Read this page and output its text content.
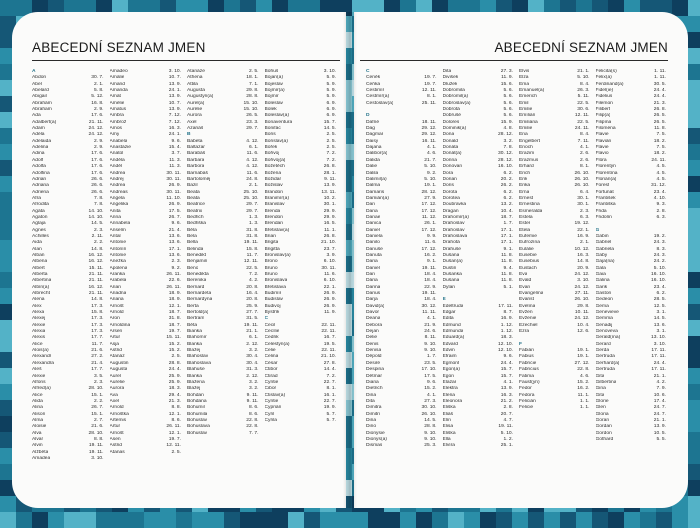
ABECEDNÍ SEZNAM JMEN
A
Abdon	30. 7.
Abel	2. 1.
Abelard	5. 8.
Abigail	5. 12.
Abrahám	16. 8.
Abraham	2. 9.
Ada	17. 6.
Adalbert(a)	21. 11.
Adam	24. 12.
Adéla	24. 12.
Adelaida	2. 9.
Adelina	2. 9.
Adina	17. 6.
Adolf	17. 6.
Adolfa	17. 6.
Adolfina	17. 6.
Adrian	26. 6.
Adriana	26. 6.
Adriena	26. 6.
Afra	7. 8.
Afrodita	7. 8.
Agáta	14. 10.
Agaton	14. 10.
Aglaja	14. 5.
Agnes	2. 3.
Achilles	2. 11.
Aida	2. 2.
Alan	14. 8.
Alban	16. 12.
Albena	16. 12.
Albert	15. 11.
Alberta	21. 11.
Albertina	21. 11.
Albín(a)	16. 12.
Albrecht	21. 11.
Alena	14. 8.
Alex	17. 3.
Alexa	15. 8.
Alexej	17. 3.
Alexie	17. 3.
Alexia	17. 3.
Alexis	17. 7.
Alice	11. 7.
Alois(a)	21. 6.
Alexandr	27. 2.
Alexandra	21. 4.
Aleš	17. 7.
Alexie	3. 5.
Alfons	2. 3.
Alfred(a)	28. 10.
Alice	15. 1.
Alida	2. 2.
Alina	26. 7.
Alison	15. 1.
Alma	2. 7.
Aloisie	21. 6.
Alva	28. 10.
Alvar	8. 8.
Alvin	19. 11.
Alžběta	19. 11.
Amadea	3. 10.
Amadeo	3. 10.
Amálie	10. 7.
Amand	13. 9.
Amanda	24. 1.
Amát	13. 9.
Amélie	10. 7.
Amatus	13. 9.
Ambra	7. 12.
Ambrož	7. 12.
Amos	16. 3.
Amy	24. 1.
Anabela	9. 6.
Anastázie	15. 4.
Anatol	3. 7.
Anděla	11. 3.
Anděl	11. 3.
Andrea	30. 11.
Andrej	30. 11.
Andrea	26. 9.
Andreas	30. 11.
Angela	11. 10.
Angelika	26. 9.
Anita	17. 5.
Anna	26. 7.
Annabela	9. 6.
Anselm	21. 4.
Antal	13. 6.
Antonie	13. 6.
Antonín	17. 1.
Antonie	13. 6.
Anežka	2. 3.
Apolena	9. 2.
Aranka	26. 11.
Arabela	22. 6.
Arian	26. 11.
Ariadna	18. 9.
Ariana	18. 9.
Arnošt	12. 1.
Arnold	18. 7.
Aron	31. 8.
Arnoldina	18. 7.
Arsen	19. 7.
Artur	15. 11.
Asja	15. 2.
Astrid	15. 2.
Atanáz	2. 5.
Augustin	28. 8.
Augusta	24. 4.
Aurel	25. 9.
Aurelie	25. 9.
Aurora	18. 3.
Ava	29. 4.
Axel	21. 3.
Arnold	8. 8.
Arnoštka	12. 1.
Artemis	8. 6.
Artur	26. 11.
Arnošt	12. 1.
Asen	19. 7.
Astrid	12. 11.
Atanas	2. 5.
Atanáze	2. 5.
Athena	18. 1.
Attila	7. 1.
Augusta	29. 8.
Augustýn(a)	28. 8.
Aurel(a)	15. 10.
Aurélie	15. 10.
Aurora	26. 5.
Axel	23. 3.
Azariáš	29. 7.
B
Babeta	4. 12.
Baltazar	6. 1.
Barabáš	11. 6.
Barbara	4. 12.
Barbora	4. 12.
Barnabáš	11. 6.
Bartoloměj	24. 8.
Bazil	2. 1.
Beata	25. 10.
Beáta	25. 10.
Beatrice	29. 7.
Beatrix	29. 7.
Bedřich	1. 3.
Bedřiška	1. 3.
Běla	31. 8.
Bela	31. 8.
Bella	19. 11.
Belinda	15. 8.
Benedikt	11. 7.
Benjamin	12. 11.
Beno	22. 5.
Benedikta	7. 2.
Berenika	4. 2.
Bernard	20. 8.
Bernardeta	16. 4.
Bernardýna	20. 8.
Berta	25. 9.
Bertold(a)	27. 7.
Bertram	31. 5.
Běta	19. 11.
Bianka	21. 1.
Blahomír	6. 1.
Blanka	2. 12.
Blažej	3. 2.
Blahoslav	30. 4.
Blahoslava	30. 4.
Blahuše	31. 3.
Blanka	2. 12.
Blažena	3. 2.
Blažej	3. 2.
Bohdan	9. 11.
Bohdana	9. 11.
Bohumil	8. 6.
Bohumila	8. 6.
Bohuslav	22. 8.
Bohuslava	22. 8.
Bohuslav	7. 7.
Bohuš	3. 10.
Bojan(a)	5. 9.
Bojeslav	5. 9.
Bojmír(a)	5. 9.
Bojmír	5. 9.
Boleslav	6. 9.
Bolek	6. 9.
Boleslav(a)	6. 9.
Bonaventura	15. 7.
Bonifác	14. 5.
Boris	2. 5.
Borislav(a)	2. 5.
Bořek	2. 5.
Bořivoj	7. 2.
Bořivoj(a)	7. 2.
Božetěch	26. 8.
Božena	28. 1.
Božidar	9. 11.
Božislav	13. 9.
Brandon	13. 11.
Branimír(a)	10. 2.
Branislav	30. 1.
Brenda	29. 9.
Brendon	29. 9.
Brendan	16. 5.
Břetislav(a)	11. 1.
Brian	26. 8.
Brigita	21. 10.
Brigitta	23. 7.
Bronislav(a)	3. 9.
Brono	6. 10.
Bruno	30. 11.
Bruno	11. 6.
Bronislava	6. 10.
Břetislava	22. 1.
Budimír	26. 9.
Budislav	26. 9.
Budivoj	26. 9.
Bystřík	11. 9.
C
Cecil	22. 11.
Cecílie	22. 11.
Cedrik	16. 7.
Celestýn(a)	19. 5.
Celie	22. 11.
Celina	21. 10.
César	27. 8.
Ctibor	14. 4.
Ctirad	7. 2.
Cyntie	22. 7.
Cibor	8. 1.
Ctislav(a)	16. 1.
Cyntie	22. 7.
Cyprián	19. 9.
Cyril	5. 7.
Cyrila	5. 7.
ABECEDNÍ SEZNAM JMEN
Č
Čeněk	19. 7.
Čeňka	19. 7.
Čestimír	12. 11.
Čestmír(a)	8. 1.
Čestoslav(a)	25. 11.
D
Dafné	18. 11.
Dag	29. 12.
Dagmar	29. 12.
Daisy	16. 11.
Dajana	4. 1.
Dalibor(a)	4. 6.
Dalida	21. 7.
Dalie	5. 10.
Dalila	9. 2.
Dalimil(a)	5. 10.
Dalma	19. 1.
Damaris	28. 12.
Damián(a)	27. 9.
Dan	17. 12.
Dana	17. 12.
Danae	11. 12.
Danica	26. 1.
Daniel	17. 12.
Daniela	9. 9.
Danilo	11. 6.
Danuše	17. 12.
Danuta	16. 2.
Daria	9. 1.
Daniel	19. 11.
Dan	18. 4.
Dária	18. 4.
Darina	22. 9.
Darius	19. 11.
Darja	18. 4.
David(a)	30. 12.
Davor	11. 11.
Deana	4. 1.
Debora	21. 9.
Dejan	24. 6.
Delie	8. 11.
Denis	9. 10.
Denisa	9. 10.
Děpold	1. 7.
Desiré	23. 5.
Despina	17. 10.
Dětmar	17. 5.
Diana	9. 6.
Dietrich	15. 2.
Dina	4. 1.
Dita	27. 3.
Dimitra	30. 10.
Dimitri	26. 10.
Dina	14. 5.
Dino	28. 8.
Dionýsie	9. 10.
Dionýs(a)	9. 10.
Dismas	25. 3.
Dita	27. 3.
Divišek	11. 9.
Dlužek	15. 6.
Dobromila	5. 6.
Dobromil(a)	5. 6.
Dobroslav(a)	5. 6.
Dobrotá	5. 6.
Dobrušé	5. 6.
Dolores	15. 9.
Dominik(a)	4. 8.
Dona	28. 12.
Donald	3. 2.
Donáta	7. 8.
Donát(a)	30. 12.
Donna	28. 12.
Donovan	16. 10.
Dora	6. 2.
Dorian	20. 2.
Doris	26. 2.
Dorota	6. 2.
Dorotea	6. 2.
Doubravka	13. 2.
Dragan	10. 4.
Drahomír(a)	18. 7.
Drahoslav	1. 7.
Drahoslav	17. 1.
Drahoslava	17. 1.
Drahotá	17. 1.
Drahuše	9. 1.
Dušana	11. 8.
Dušan(a)	11. 8.
Dustin	9. 4.
Dušanka	11. 8.
Dušana	11. 8.
Dylan	5. 1.
E
Edeltruda	17. 11.
Edgar	8. 7.
Edita	16. 9.
Edmund	1. 12.
Edmunda	1. 12.
Eduard(a)	18. 3.
Edvard	12. 10.
Edvin	12. 10.
Efraim	9. 6.
Egmont	24. 4.
Egon(a)	15. 7.
Egon	15. 7.
Elazar	4. 1.
Elektra	13. 9.
Elena	16. 3.
Eleonora	21. 2.
Eliška	2. 8.
Eliáš	20. 7.
Elín	4. 7.
Elisa	19. 11.
Eliška	5. 10.
Ella	1. 2.
Elvíra	25. 1.
Elvis	21. 1.
Elza	5. 10.
Ema	8. 4.
Emanuel(a)	26. 3.
Emerich	5. 11.
Emil	22. 5.
Emilie	30. 6.
Emílián	12. 11.
Emiliána	22. 5.
Emilie	24. 11.
Ena	8. 4.
Engelbert	7. 11.
Enoch	4. 1.
Erazim	2. 6.
Erazmus	2. 6.
Erhard	8. 1.
Erich	26. 10.
Erik	26. 10.
Erika	26. 10.
Erna	6. 4.
Ernest	30. 1.
Ernestina	30. 1.
Esmeralda	2. 3.
Estela	6. 3.
Ester	19. 12.
Etela	22. 1.
Eufemie	16. 9.
Eufrozína	2. 1.
Eulálie	10. 12.
Eusebie	16. 3.
Eusebius	14. 8.
Eustach	20. 9.
Eva	24. 12.
Evald	3. 10.
Evan	24. 12.
Evangelína	27. 11.
Evarist	26. 10.
Evelína	29. 8.
Evžen	10. 11.
Evženie	24. 12.
Ezechiel	10. 4.
Ezra	12. 6.
F
Fabián	19. 1.
Fabius	19. 1.
Fabricie	27. 12.
Fabricius	22. 8.
Fatima	4. 6.
Faust(yn)	15. 2.
Fedor	16. 2.
Fedora	11. 1.
Felicián	1. 1.
Felicie	1. 1.
Felicita(s)	1. 11.
Felix(a)	1. 11.
Ferdinand(a)	30. 5.
Fidel(ie)	24. 4.
Fidelius	24. 4.
Filemon	21. 3.
Filibert	26. 8.
Filip(a)	26. 5.
Filipína	26. 5.
Filoména	11. 8.
Flavie	7. 5.
Flavián	18. 2.
Flávie	7. 5.
Flavio	18. 2.
Flóra	24. 11.
Florentýn	4. 5.
Florentína	4. 5.
Florián(a)	4. 5.
Forest	31. 12.
Fortunát	23. 4.
František	4. 10.
Františka	9. 3.
Frida	2. 8.
Fridolín	6. 3.
G
Gabin	19. 2.
Gabriel	24. 3.
Gabriela	8. 3.
Gaby	24. 3.
Gaja(na)	24. 2.
Gala	5. 10.
Gaia	16. 10.
Galina	16. 10.
Garik	23. 4.
Gaston	6. 2.
Gedeon	28. 5.
Gema	12. 5.
Genevieve	3. 1.
Gemma	14. 5.
Genadij	13. 6.
Genoveva	3. 1.
Gerald(ína)	13. 10.
Gerard	3. 10.
Gerda	17. 11.
Gertruda	17. 11.
Gerhard(a)	24. 4.
Gertruda	17. 11.
Gita	21. 1.
Gilbertina	4. 2.
Gina	7. 9.
Gita	10. 6.
Glorie	17. 4.
Glen	24. 7.
Gloria	24. 7.
Goran	21. 1.
Gordan	13. 9.
Gordon	10. 5.
Gothard	5. 5.
